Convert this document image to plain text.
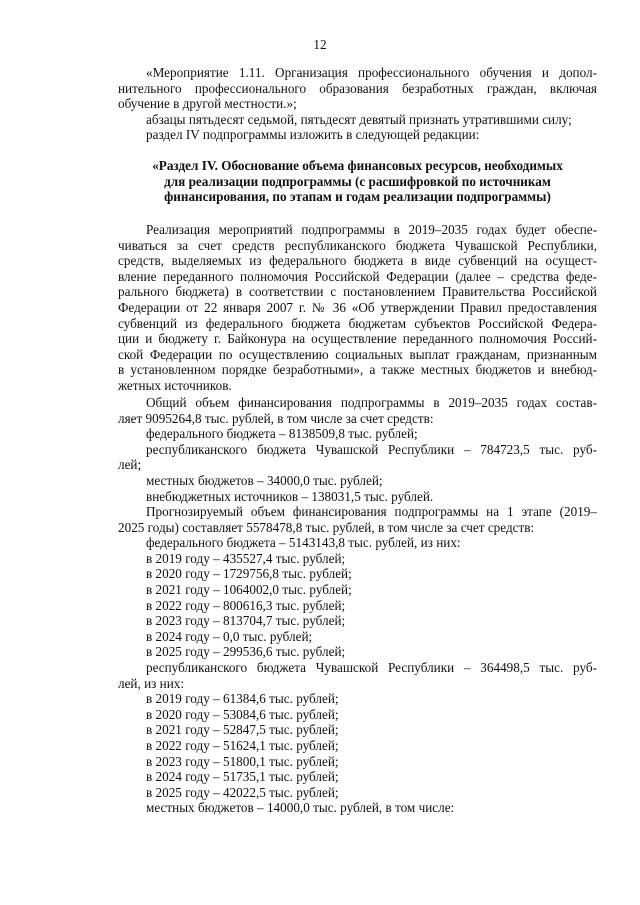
12
«Мероприятие 1.11. Организация профессионального обучения и допол-
нительного профессионального образования безработных граждан, включая
обучение в другой местности.»;
абзацы пятьдесят седьмой, пятьдесят девятый признать утратившими силу;
раздел IV подпрограммы изложить в следующей редакции:
«Раздел IV. Обоснование объема финансовых ресурсов, необходимых
для реализации подпрограммы (с расшифровкой по источникам
финансирования, по этапам и годам реализации подпрограммы)
Реализация мероприятий подпрограммы в 2019–2035 годах будет обеспе-
чиваться за счет средств республиканского бюджета Чувашской Республики,
средств, выделяемых из федерального бюджета в виде субвенций на осущест-
вление переданного полномочия Российской Федерации (далее – средства феде-
рального бюджета) в соответствии с постановлением Правительства Российской
Федерации от 22 января 2007 г. № 36 «Об утверждении Правил предоставления
субвенций из федерального бюджета бюджетам субъектов Российской Федера-
ции и бюджету г. Байконура на осуществление переданного полномочия Россий-
ской Федерации по осуществлению социальных выплат гражданам, признанным
в установленном порядке безработными», а также местных бюджетов и внебюд-
жетных источников.
Общий объем финансирования подпрограммы в 2019–2035 годах состав-
ляет 9095264,8 тыс. рублей, в том числе за счет средств:
федерального бюджета – 8138509,8 тыс. рублей;
республиканского бюджета Чувашской Республики – 784723,5 тыс. руб-
лей;
местных бюджетов – 34000,0 тыс. рублей;
внебюджетных источников – 138031,5 тыс. рублей.
Прогнозируемый объем финансирования подпрограммы на 1 этапе (2019–
2025 годы) составляет 5578478,8 тыс. рублей, в том числе за счет средств:
федерального бюджета – 5143143,8 тыс. рублей, из них:
в 2019 году – 435527,4 тыс. рублей;
в 2020 году – 1729756,8 тыс. рублей;
в 2021 году – 1064002,0 тыс. рублей;
в 2022 году – 800616,3 тыс. рублей;
в 2023 году – 813704,7 тыс. рублей;
в 2024 году – 0,0 тыс. рублей;
в 2025 году – 299536,6 тыс. рублей;
республиканского бюджета Чувашской Республики – 364498,5 тыс. руб-
лей, из них:
в 2019 году – 61384,6 тыс. рублей;
в 2020 году – 53084,6 тыс. рублей;
в 2021 году – 52847,5 тыс. рублей;
в 2022 году – 51624,1 тыс. рублей;
в 2023 году – 51800,1 тыс. рублей;
в 2024 году – 51735,1 тыс. рублей;
в 2025 году – 42022,5 тыс. рублей;
местных бюджетов – 14000,0 тыс. рублей, в том числе:
